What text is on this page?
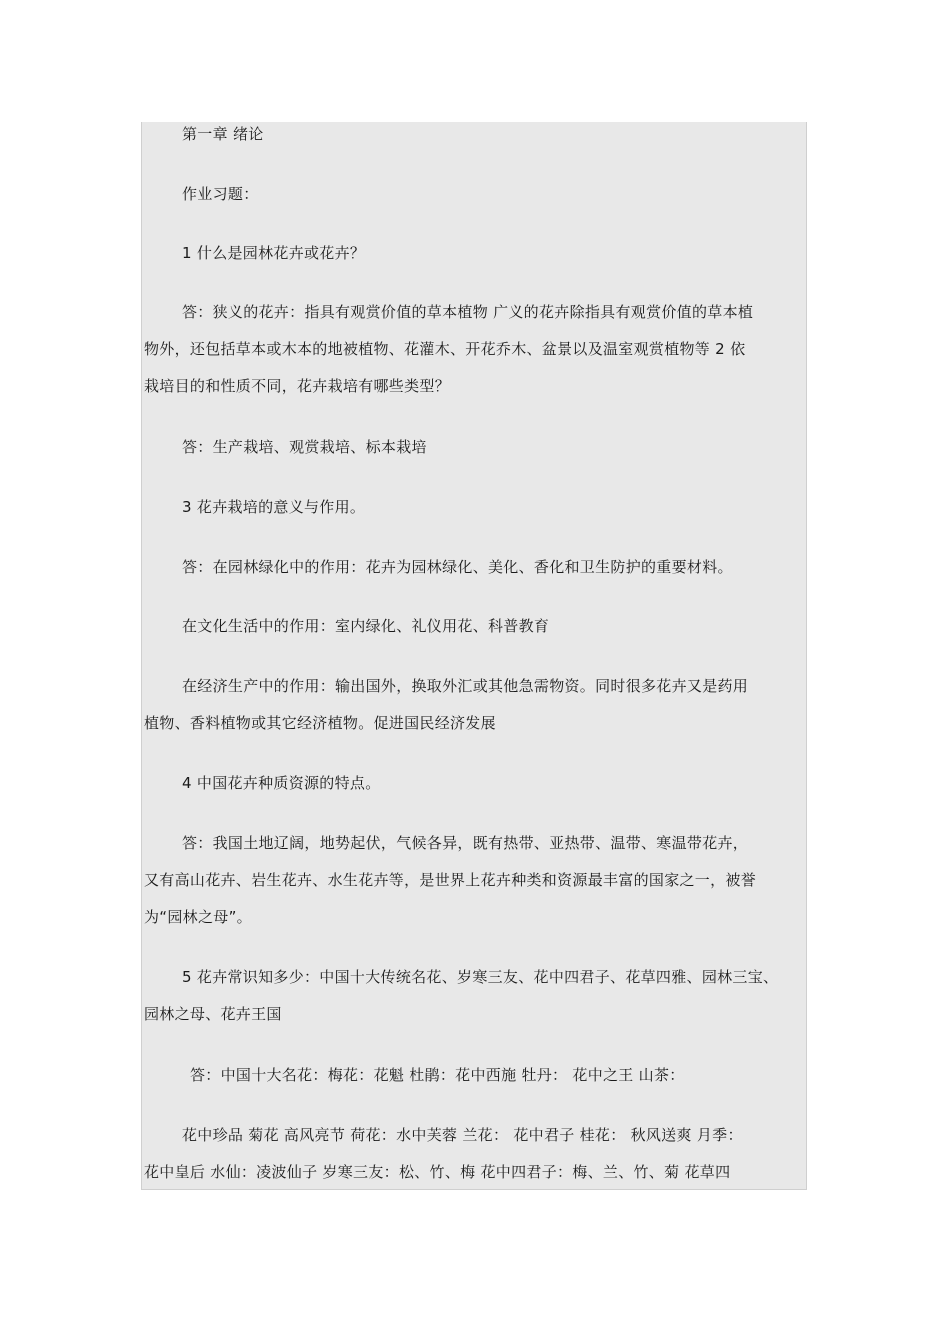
第一章 绪论
作业习题：
1 什么是园林花卉或花卉？
答：狭义的花卉：指具有观赏价值的草本植物 广义的花卉除指具有观赏价值的草本植
物外，还包括草本或木本的地被植物、花灌木、开花乔木、盆景以及温室观赏植物等 2 依
栽培目的和性质不同，花卉栽培有哪些类型？
答：生产栽培、观赏栽培、标本栽培
3 花卉栽培的意义与作用。
答：在园林绿化中的作用：花卉为园林绿化、美化、香化和卫生防护的重要材料。
在文化生活中的作用：室内绿化、礼仪用花、科普教育
在经济生产中的作用：输出国外，换取外汇或其他急需物资。同时很多花卉又是药用
植物、香料植物或其它经济植物。促进国民经济发展
4 中国花卉种质资源的特点。
答：我国土地辽阔，地势起伏，气候各异，既有热带、亚热带、温带、寒温带花卉，
又有高山花卉、岩生花卉、水生花卉等，是世界上花卉种类和资源最丰富的国家之一，被誉
为“园林之母”。
5 花卉常识知多少：中国十大传统名花、岁寒三友、花中四君子、花草四雅、园林三宝、
园林之母、花卉王国
答：中国十大名花：梅花：花魁 杜鹃：花中西施 牡丹： 花中之王 山茶：
花中珍品 菊花 高风亮节 荷花：水中芙蓉 兰花： 花中君子 桂花： 秋风送爽 月季：
花中皇后 水仙：凌波仙子 岁寒三友：松、竹、梅 花中四君子：梅、兰、竹、菊 花草四
